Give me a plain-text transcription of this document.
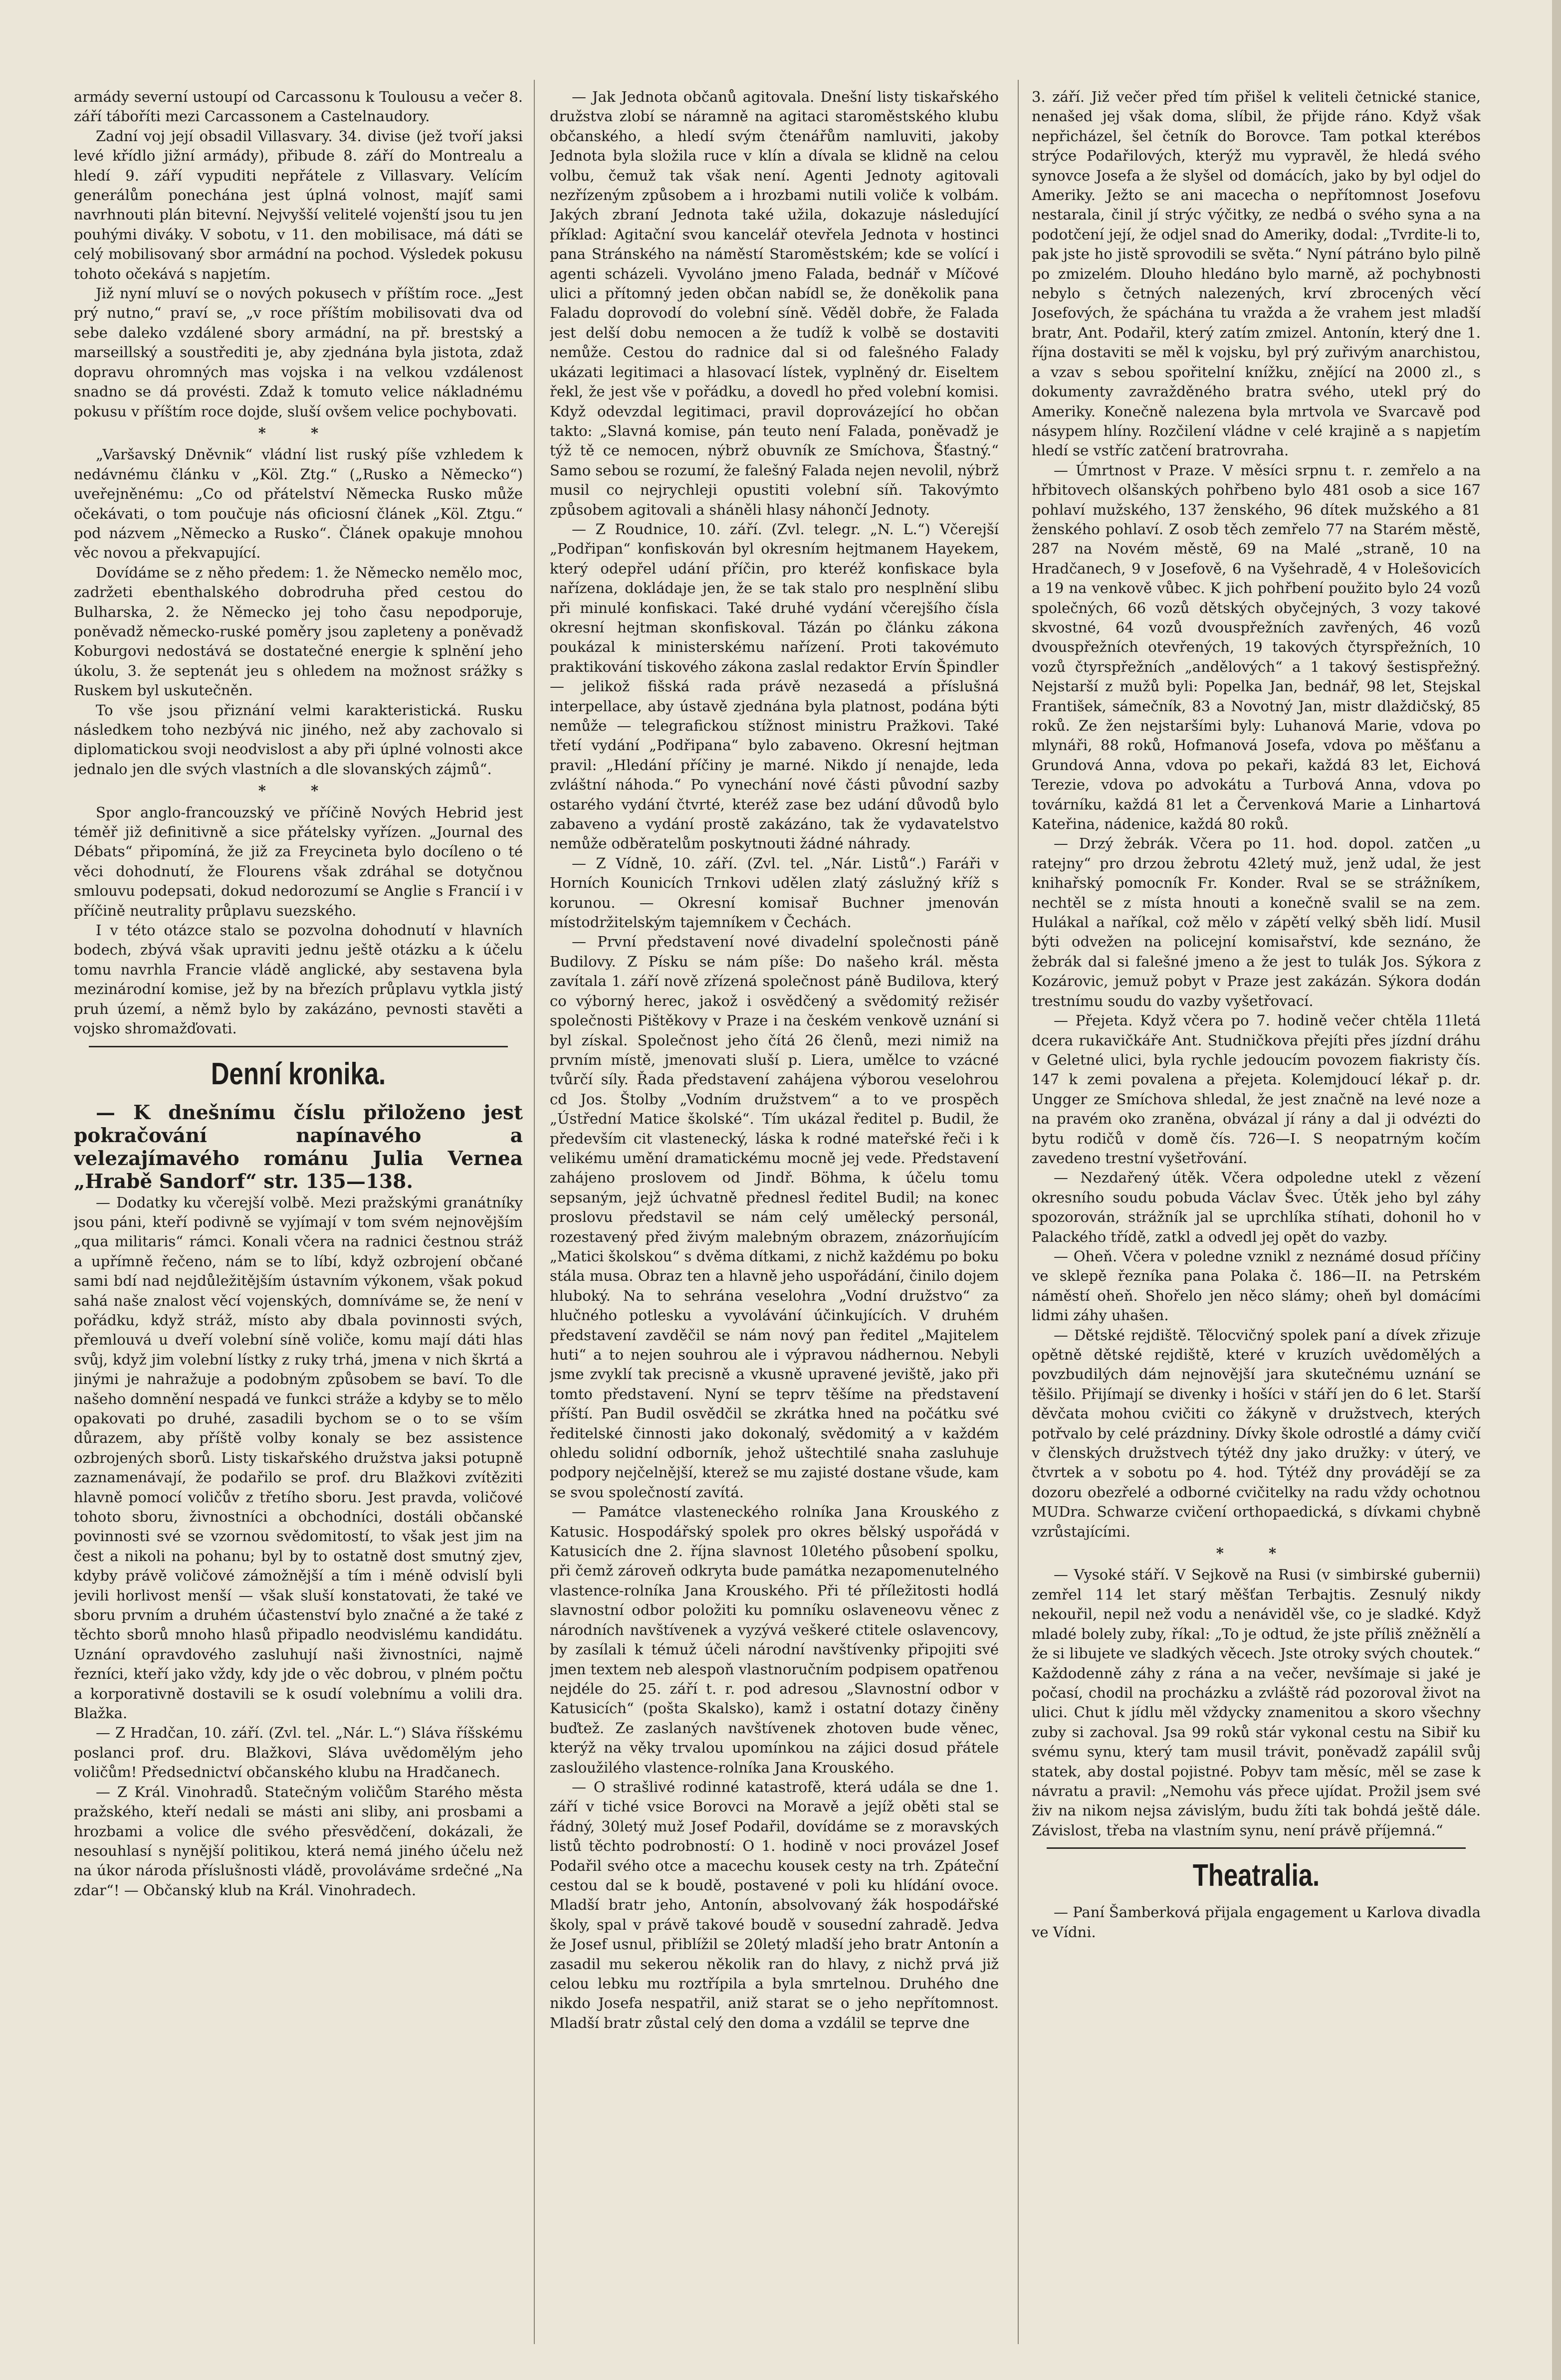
armády severní ustoupí od Carcassonu k Toulousu a večer 8. září táboříti mezi Carcassonem a Castelnaudory.

Zadní voj její obsadil Villasvary. 34. divise (jež tvoří jaksi levé křídlo jižní armády), přibude 8. září do Montrealu a hledí 9. září vypuditi nepřátele z Villasvary. Velícím generálům ponechána jest úplná volnost, majíť sami navrhnouti plán bitevní. Nejvyšší velitelé vojenští jsou tu jen pouhými diváky. V sobotu, v 11. den mobilisace, má dáti se celý mobilisovaný sbor armádní na pochod. Výsledek pokusu tohoto očekává s napjetím.

Již nyní mluví se o nových pokusech v příštím roce. „Jest prý nutno,“ praví se, „v roce příštím mobilisovati dva od sebe daleko vzdálené sbory armádní, na př. brestský a marseillský a soustřediti je, aby zjednána byla jistota, zdaž dopravu ohromných mas vojska i na velkou vzdálenost snadno se dá provésti. Zdaž k tomuto velice nákladnému pokusu v příštím roce dojde, sluší ovšem velice pochybovati.

* *

„Varšavský Dněvnik“ vládní list ruský píše vzhledem k nedávnému článku v „Köl. Ztg.“ („Rusko a Německo“) uveřejněnému: „Co od přátelství Německa Rusko může očekávati, o tom poučuje nás oficiosní článek „Köl. Ztgu.“ pod názvem „Německo a Rusko“. Článek opakuje mnohou věc novou a překvapující.

Dovídáme se z něho předem: 1. že Německo nemělo moc, zadržeti ebenthalského dobrodruha před cestou do Bulharska, 2. že Německo jej toho času nepodporuje, poněvadž německo-ruské poměry jsou zapleteny a poněvadž Koburgovi nedostává se dostatečné energie k splnění jeho úkolu, 3. že septenát jeu s ohledem na možnost srážky s Ruskem byl uskutečněn.

To vše jsou přiznání velmi karakteristická. Rusku následkem toho nezbývá nic jiného, než aby zachovalo si diplomatickou svoji neodvislost a aby při úplné volnosti akce jednalo jen dle svých vlastních a dle slovanských zájmů“.

* *

Spor anglo-francouzský ve příčině Nových Hebrid jest téměř již definitivně a sice přátelsky vyřízen. „Journal des Débats“ připomíná, že již za Freycineta bylo docíleno o té věci dohodnutí, že Flourens však zdráhal se dotyčnou smlouvu podepsati, dokud nedorozumí se Anglie s Francií i v příčině neutrality průplavu suezského.

I v této otázce stalo se pozvolna dohodnutí v hlavních bodech, zbývá však upraviti jednu ještě otázku a k účelu tomu navrhla Francie vládě anglické, aby sestavena byla mezinárodní komise, jež by na březích průplavu vytkla jistý pruh území, a němž bylo by zakázáno, pevnosti stavěti a vojsko shromažďovati.

Denní kronika.

— K dnešnímu číslu přiloženo jest pokračování napínavého a velezajímavého románu Julia Vernea „Hrabě Sandorf“ str. 135—138.

— Dodatky ku včerejší volbě. Mezi pražskými granátníky jsou páni, kteří podivně se vyjímají v tom svém nejnovějším „qua militaris“ rámci. Konali včera na radnici čestnou stráž a upřímně řečeno, nám se to líbí, když ozbrojení občané sami bdí nad nejdůležitějším ústavním výkonem, však pokud sahá naše znalost věcí vojenských, domníváme se, že není v pořádku, když stráž, místo aby dbala povinnosti svých, přemlouvá u dveří volební síně voliče, komu mají dáti hlas svůj, když jim volební lístky z ruky trhá, jmena v nich škrtá a jinými je nahražuje a podobným způsobem se baví. To dle našeho domnění nespadá ve funkci stráže a kdyby se to mělo opakovati po druhé, zasadili bychom se o to se vším důrazem, aby příště volby konaly se bez assistence ozbrojených sborů. Listy tiskařského družstva jaksi potupně zaznamenávají, že podařilo se prof. dru Blažkovi zvítěziti hlavně pomocí voličův z třetího sboru. Jest pravda, voličové tohoto sboru, živnostníci a obchodníci, dostáli občanské povinnosti své se vzornou svědomitostí, to však jest jim na čest a nikoli na pohanu; byl by to ostatně dost smutný zjev, kdyby právě voličové zámožnější a tím i méně odvislí byli jevili horlivost menší — však sluší konstatovati, že také ve sboru prvním a druhém účastenství bylo značné a že také z těchto sborů mnoho hlasů připadlo neodvislému kandidátu. Uznání opravdového zasluhují naši živnostníci, najmě řezníci, kteří jako vždy, kdy jde o věc dobrou, v plném počtu a korporativně dostavili se k osudí volebnímu a volili dra. Blažka.

— Z Hradčan, 10. září. (Zvl. tel. „Nár. L.“) Sláva říšskému poslanci prof. dru. Blažkovi, Sláva uvědomělým jeho voličům! Předsednictví občanského klubu na Hradčanech.

— Z Král. Vinohradů. Statečným voličům Starého města pražského, kteří nedali se másti ani sliby, ani prosbami a hrozbami a volice dle svého přesvědčení, dokázali, že nesouhlasí s nynější politikou, která nemá jiného účelu než na úkor národa příslušnosti vládě, provoláváme srdečné „Na zdar“! — Občanský klub na Král. Vinohradech.

— Jak Jednota občanů agitovala. Dnešní listy tiskařského družstva zlobí se náramně na agitaci staroměstského klubu občanského, a hledí svým čtenářům namluviti, jakoby Jednota byla složila ruce v klín a dívala se klidně na celou volbu, čemuž tak však není. Agenti Jednoty agitovali nezřízeným způsobem a i hrozbami nutili voliče k volbám. Jakých zbraní Jednota také užila, dokazuje následující příklad: Agitační svou kancelář otevřela Jednota v hostinci pana Stránského na náměstí Staroměstském; kde se volící i agenti scházeli. Vyvoláno jmeno Falada, bednář v Míčové ulici a přítomný jeden občan nabídl se, že doněkolik pana Faladu doprovodí do volební síně. Věděl dobře, že Falada jest delší dobu nemocen a že tudíž k volbě se dostaviti nemůže. Cestou do radnice dal si od falešného Falady ukázati legitimaci a hlasovací lístek, vyplněný dr. Eiseltem řekl, že jest vše v pořádku, a dovedl ho před volební komisi. Když odevzdal legitimaci, pravil doprovázející ho občan takto: „Slavná komise, pán teuto není Falada, poněvadž je týž tě ce nemocen, nýbrž obuvník ze Smíchova, Šťastný.“ Samo sebou se rozumí, že falešný Falada nejen nevolil, nýbrž musil co nejrychleji opustiti volební síň. Takovýmto způsobem agitovali a sháněli hlasy náhončí Jednoty.

— Z Roudnice, 10. září. (Zvl. telegr. „N. L.“) Včerejší „Podřipan“ konfiskován byl okresním hejtmanem Hayekem, který odepřel udání příčin, pro kteréž konfiskace byla nařízena, dokládaje jen, že se tak stalo pro nesplnění slibu při minulé konfiskaci. Také druhé vydání včerejšího čísla okresní hejtman skonfiskoval. Tázán po článku zákona poukázal k ministerskému nařízení. Proti takovémuto praktikování tiskového zákona zaslal redaktor Ervín Špindler — jelikož fišská rada právě nezasedá a příslušná interpellace, aby ústavě zjednána byla platnost, podána býti nemůže — telegrafickou stížnost ministru Pražkovi. Také třetí vydání „Podřipana“ bylo zabaveno. Okresní hejtman pravil: „Hledání příčiny je marné. Nikdo jí nenajde, leda zvláštní náhoda.“ Po vynechání nové části původní sazby ostarého vydání čtvrté, kteréž zase bez udání důvodů bylo zabaveno a vydání prostě zakázáno, tak že vydavatelstvo nemůže odběratelům poskytnouti žádné náhrady.

— Z Vídně, 10. září. (Zvl. tel. „Nár. Listů“.) Faráři v Horních Kounicích Trnkovi udělen zlatý záslužný kříž s korunou. — Okresní komisař Buchner jmenován místodržitelským tajemníkem v Čechách.

— První představení nové divadelní společnosti páně Budilovy. Z Písku se nám píše: Do našeho král. města zavítala 1. září nově zřízená společnost páně Budilova, který co výborný herec, jakož i osvědčený a svědomitý režisér společnosti Pištěkovy v Praze i na českém venkově uznání si byl získal. Společnost jeho čítá 26 členů, mezi nimiž na prvním místě, jmenovati sluší p. Liera, umělce to vzácné tvůrčí síly. Řada představení zahájena výborou veselohrou cd Jos. Štolby „Vodním družstvem“ a to ve prospěch „Ústřední Matice školské“. Tím ukázal ředitel p. Budil, že především cit vlastenecký, láska k rodné mateřské řeči i k velikému umění dramatickému mocně jej vede. Představení zahájeno proslovem od Jindř. Böhma, k účelu tomu sepsaným, jejž úchvatně přednesl ředitel Budil; na konec proslovu představil se nám celý umělecký personál, rozestavený před živým malebným obrazem, znázorňujícím „Matici školskou“ s dvěma dítkami, z nichž každému po boku stála musa. Obraz ten a hlavně jeho uspořádání, činilo dojem hluboký. Na to sehrána veselohra „Vodní družstvo“ za hlučného potlesku a vyvolávání účinkujících. V druhém představení zavděčil se nám nový pan ředitel „Majitelem huti“ a to nejen souhrou ale i výpravou nádhernou. Nebyli jsme zvyklí tak precisně a vkusně upravené jeviště, jako při tomto představení. Nyní se teprv těšíme na představení příští. Pan Budil osvědčil se zkrátka hned na počátku své ředitelské činnosti jako dokonalý, svědomitý a v každém ohledu solidní odborník, jehož uštechtilé snaha zasluhuje podpory nejčelnější, kterež se mu zajisté dostane všude, kam se svou společností zavítá.

— Památce vlasteneckého rolníka Jana Krouského z Katusic. Hospodářský spolek pro okres bělský uspořádá v Katusicích dne 2. října slavnost 10letého působení spolku, při čemž zároveň odkryta bude památka nezapomenutelného vlastence-rolníka Jana Krouského. Při té příležitosti hodlá slavnostní odbor položiti ku pomníku oslaveneovu věnec z národních navštívenek a vyzývá veškeré ctitele oslavencovy, by zasílali k témuž účeli národní navštívenky připojiti své jmen textem neb alespoň vlastnoručním podpisem opatřenou nejdéle do 25. září t. r. pod adresou „Slavnostní odbor v Katusicích“ (pošta Skalsko), kamž i ostatní dotazy činěny buďtež. Ze zaslaných navštívenek zhotoven bude věnec, kterýž na věky trvalou upomínkou na zájici dosud přátele zasloužilého vlastence-rolníka Jana Krouského.

— O strašlivé rodinné katastrofě, která udála se dne 1. září v tiché vsice Borovci na Moravě a jejíž oběti stal se řádný, 30letý muž Josef Podařil, dovídáme se z moravských listů těchto podrobností: O 1. hodině v noci provázel Josef Podařil svého otce a macechu kousek cesty na trh. Zpáteční cestou dal se k boudě, postavené v poli ku hlídání ovoce. Mladší bratr jeho, Antonín, absolvovaný žák hospodářské školy, spal v právě takové boudě v sousední zahradě. Jedva že Josef usnul, přiblížil se 20letý mladší jeho bratr Antonín a zasadil mu sekerou několik ran do hlavy, z nichž prvá již celou lebku mu roztřípila a byla smrtelnou. Druhého dne nikdo Josefa nespatřil, aniž starat se o jeho nepřítomnost. Mladší bratr zůstal celý den doma a vzdálil se teprve dne

3. září. Již večer před tím přišel k veliteli četnické stanice, nenašed jej však doma, slíbil, že přijde ráno. Když však nepřicházel, šel četník do Borovce. Tam potkal kterébos strýce Podařilových, kterýž mu vypravěl, že hledá svého synovce Josefa a že slyšel od domácích, jako by byl odjel do Ameriky. Ježto se ani macecha o nepřítomnost Josefovu nestarala, činil jí strýc výčitky, ze nedbá o svého syna a na podotčení její, že odjel snad do Ameriky, dodal: „Tvrdite-li to, pak jste ho jistě sprovodili se světa.“ Nyní pátráno bylo pilně po zmizelém. Dlouho hledáno bylo marně, až pochybnosti nebylo s četných nalezených, krví zbrocených věcí Josefových, že spáchána tu vražda a že vrahem jest mladší bratr, Ant. Podařil, který zatím zmizel. Antonín, který dne 1. října dostaviti se měl k vojsku, byl prý zuřivým anarchistou, a vzav s sebou spořitelní knížku, znějící na 2000 zl., s dokumenty zavražděného bratra svého, utekl prý do Ameriky. Konečně nalezena byla mrtvola ve Svarcavě pod násypem hlíny. Rozčilení vládne v celé krajině a s napjetím hledí se vstříc zatčení bratrovraha.

— Úmrtnost v Praze. V měsíci srpnu t. r. zemřelo a na hřbitovech olšanských pohřbeno bylo 481 osob a sice 167 pohlaví mužského, 137 ženského, 96 dítek mužského a 81 ženského pohlaví. Z osob těch zemřelo 77 na Starém městě, 287 na Novém městě, 69 na Malé „straně, 10 na Hradčanech, 9 v Josefově, 6 na Vyšehradě, 4 v Holešovicích a 19 na venkově vůbec. K jich pohřbení použito bylo 24 vozů společných, 66 vozů dětských obyčejných, 3 vozy takové skvostné, 64 vozů dvouspřežních zavřených, 46 vozů dvouspřežních otevřených, 19 takových čtyrspřežních, 10 vozů čtyrspřežních „andělových“ a 1 takový šestispřežný. Nejstarší z mužů byli: Popelka Jan, bednář, 98 let, Stejskal František, sámečník, 83 a Novotný Jan, mistr dlaždičský, 85 roků. Ze žen nejstaršími byly: Luhanová Marie, vdova po mlynáři, 88 roků, Hofmanová Josefa, vdova po měšťanu a Grundová Anna, vdova po pekaři, každá 83 let, Eichová Terezie, vdova po advokátu a Turbová Anna, vdova po továrníku, každá 81 let a Červenková Marie a Linhartová Kateřina, nádenice, každá 80 roků.

— Drzý žebrák. Včera po 11. hod. dopol. zatčen „u ratejny“ pro drzou žebrotu 42letý muž, jenž udal, že jest knihařský pomocník Fr. Konder. Rval se se strážníkem, nechtěl se z místa hnouti a konečně svalil se na zem. Hulákal a naříkal, což mělo v zápětí velký sběh lidí. Musil býti odvežen na policejní komisařství, kde seznáno, že žebrák dal si falešné jmeno a že jest to tulák Jos. Sýkora z Kozárovic, jemuž pobyt v Praze jest zakázán. Sýkora dodán trestnímu soudu do vazby vyšetřovací.

— Přejeta. Když včera po 7. hodině večer chtěla 11letá dcera rukavičkáře Ant. Studničkova přejíti přes jízdní dráhu v Geletné ulici, byla rychle jedoucím povozem fiakristy čís. 147 k zemi povalena a přejeta. Kolemjdoucí lékař p. dr. Ungger ze Smíchova shledal, že jest značně na levé noze a na pravém oko zraněna, obvázal jí rány a dal ji odvézti do bytu rodičů v domě čís. 726—I. S neopatrným kočím zavedeno trestní vyšetřování.

— Nezdařený útěk. Včera odpoledne utekl z vězení okresního soudu pobuda Václav Švec. Útěk jeho byl záhy spozorován, strážník jal se uprchlíka stíhati, dohonil ho v Palackého třídě, zatkl a odvedl jej opět do vazby.

— Oheň. Včera v poledne vznikl z neznámé dosud příčiny ve sklepě řezníka pana Polaka č. 186—II. na Petrském náměstí oheň. Shořelo jen něco slámy; oheň byl domácími lidmi záhy uhašen.

— Dětské rejdiště. Tělocvičný spolek paní a dívek zřizuje opětně dětské rejdiště, které v kruzích uvědomělých a povzbudilých dám nejnovější jara skutečnému uznání se těšilo. Přijímají se divenky i hošíci v stáří jen do 6 let. Starší děvčata mohou cvičiti co žákyně v družstvech, kterých potřvalo by celé prázdniny. Dívky škole odrostlé a dámy cvičí v členských družstvech týtéž dny jako družky: v úterý, ve čtvrtek a v sobotu po 4. hod. Týtéž dny provádějí se za dozoru obezřelé a odborné cvičitelky na radu vždy ochotnou MUDra. Schwarze cvičení orthopaedická, s dívkami chybně vzrůstajícími.

* *

— Vysoké stáří. V Sejkově na Rusi (v simbirské gubernii) zemřel 114 let starý měšťan Terbajtis. Zesnulý nikdy nekouřil, nepil než vodu a nenáviděl vše, co je sladké. Když mladé bolely zuby, říkal: „To je odtud, že jste příliš zněžnělí a že si libujete ve sladkých věcech. Jste otroky svých choutek.“ Každodenně záhy z rána a na večer, nevšímaje si jaké je počasí, chodil na procházku a zvláště rád pozoroval život na ulici. Chut k jídlu měl vždycky znamenitou a skoro všechny zuby si zachoval. Jsa 99 roků stár vykonal cestu na Sibiř ku svému synu, který tam musil trávit, poněvadž zapálil svůj statek, aby dostal pojistné. Pobyv tam měsíc, měl se zase k návratu a pravil: „Nemohu vás přece ujídat. Prožil jsem své živ na nikom nejsa závislým, budu žíti tak bohdá ještě dále. Závislost, třeba na vlastním synu, není právě příjemná.“

Theatralia.

— Paní Šamberková přijala engagement u Karlova divadla ve Vídni.
